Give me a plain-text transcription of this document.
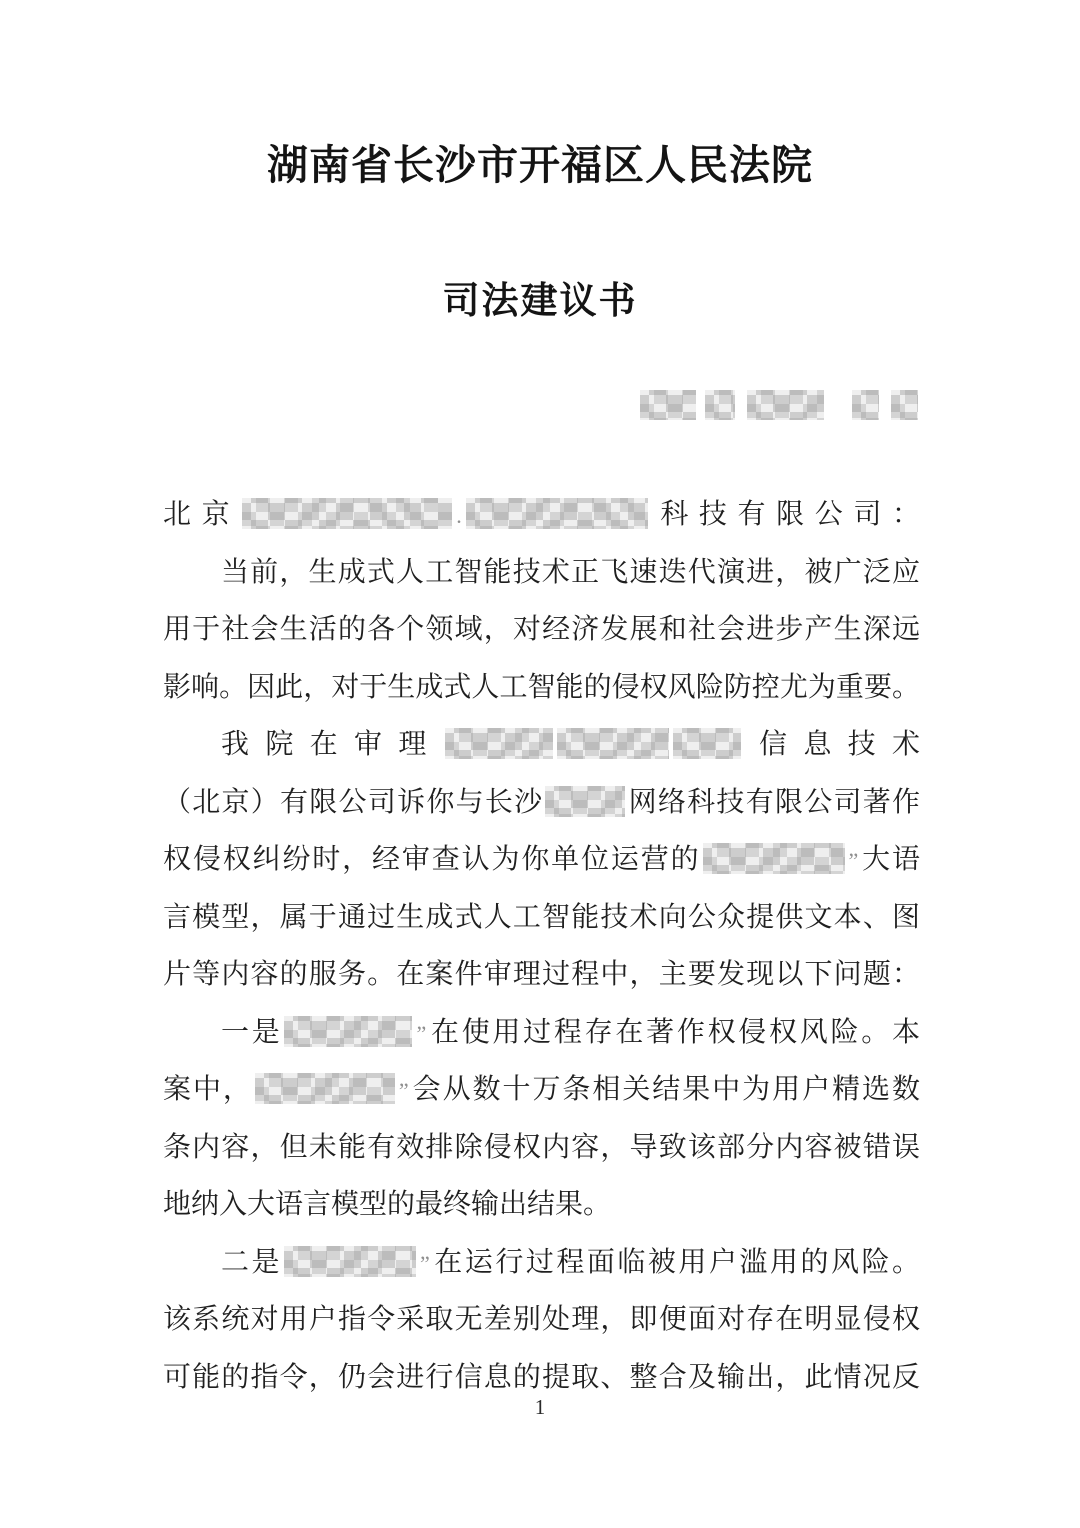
湖南省长沙市开福区人民法院
司法建议书
北京	.	科技有限公司：
当前，生成式人工智能技术正飞速迭代演进，被广泛应
用于社会生活的各个领域，对经济发展和社会进步产生深远
影响。因此，对于生成式人工智能的侵权风险防控尤为重要。
我院在审理	信息技术
（北京）有限公司诉你与长沙	网络科技有限公司著作
权侵权纠纷时，经审查认为你单位运营的	”大语
言模型，属于通过生成式人工智能技术向公众提供文本、图
片等内容的服务。在案件审理过程中，主要发现以下问题：
一是	”在使用过程存在著作权侵权风险。本
案中，	”会从数十万条相关结果中为用户精选数
条内容，但未能有效排除侵权内容，导致该部分内容被错误
地纳入大语言模型的最终输出结果。
二是	”在运行过程面临被用户滥用的风险。
该系统对用户指令采取无差别处理，即便面对存在明显侵权
可能的指令，仍会进行信息的提取、整合及输出，此情况反
1
